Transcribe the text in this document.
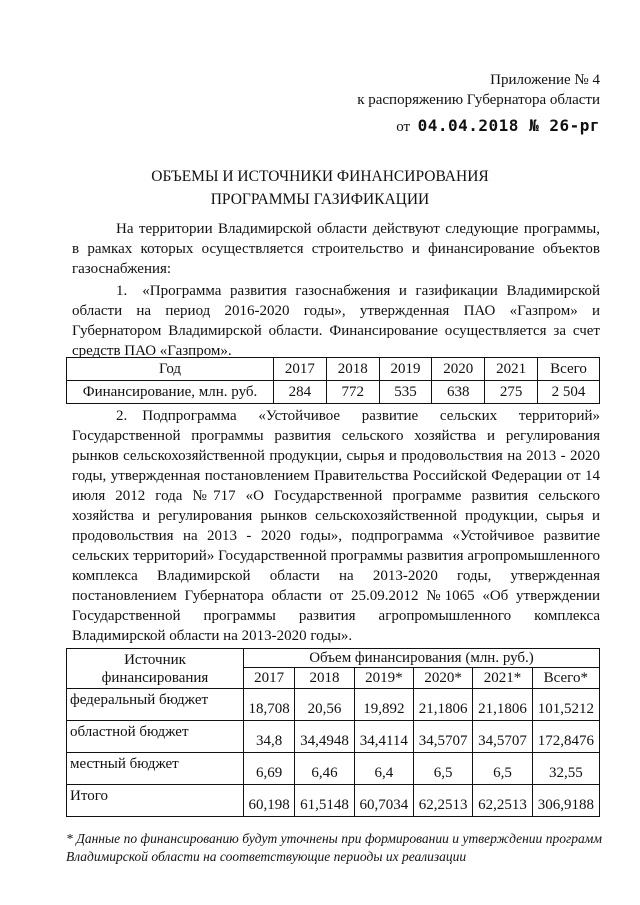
Приложение № 4
к распоряжению Губернатора области
от 04.04.2018 № 26-рг
ОБЪЕМЫ И ИСТОЧНИКИ ФИНАНСИРОВАНИЯ
ПРОГРАММЫ ГАЗИФИКАЦИИ
На территории Владимирской области действуют следующие программы, в рамках которых осуществляется строительство и финансирование объектов газоснабжения:
1. «Программа развития газоснабжения и газификации Владимирской области на период 2016-2020 годы», утвержденная ПАО «Газпром» и Губернатором Владимирской области. Финансирование осуществляется за счет средств ПАО «Газпром».
Год	2017	2018	2019	2020	2021	Всего
Финансирование, млн. руб.	284	772	535	638	275	2 504
2. Подпрограмма «Устойчивое развитие сельских территорий» Государственной программы развития сельского хозяйства и регулирования рынков сельскохозяйственной продукции, сырья и продовольствия на 2013 - 2020 годы, утвержденная постановлением Правительства Российской Федерации от 14 июля 2012 года №717 «О Государственной программе развития сельского хозяйства и регулирования рынков сельскохозяйственной продукции, сырья и продовольствия на 2013 - 2020 годы», подпрограмма «Устойчивое развитие сельских территорий» Государственной программы развития агропромышленного комплекса Владимирской области на 2013-2020 годы, утвержденная постановлением Губернатора области от 25.09.2012 №1065 «Об утверждении Государственной программы развития агропромышленного комплекса Владимирской области на 2013-2020 годы».
Источник финансирования	Объем финансирования (млн. руб.)					
	2017	2018	2019*	2020*	2021*	Всего*
федеральный бюджет	18,708	20,56	19,892	21,1806	21,1806	101,5212
областной бюджет	34,8	34,4948	34,4114	34,5707	34,5707	172,8476
местный бюджет	6,69	6,46	6,4	6,5	6,5	32,55
Итого	60,198	61,5148	60,7034	62,2513	62,2513	306,9188
* Данные по финансированию будут уточнены при формировании и утверждении программ Владимирской области на соответствующие периоды их реализации
